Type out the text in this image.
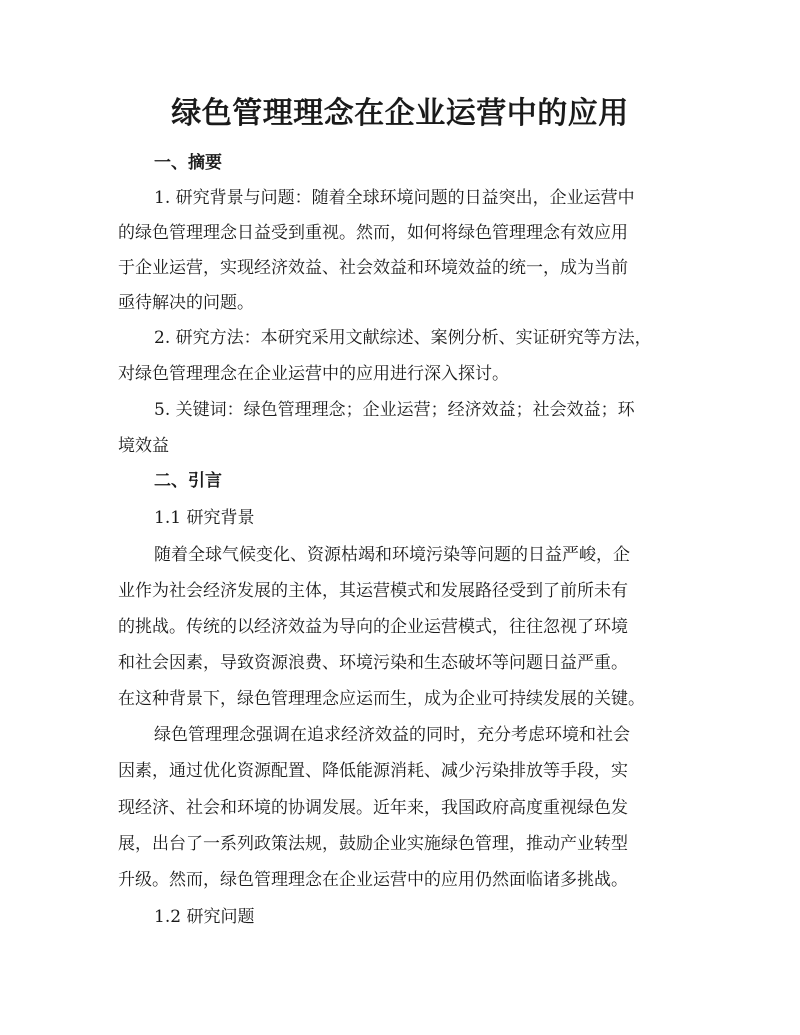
绿色管理理念在企业运营中的应用

一、摘要

1. 研究背景与问题：随着全球环境问题的日益突出，企业运营中

的绿色管理理念日益受到重视。然而，如何将绿色管理理念有效应用

于企业运营，实现经济效益、社会效益和环境效益的统一，成为当前

亟待解决的问题。

2. 研究方法：本研究采用文献综述、案例分析、实证研究等方法，

对绿色管理理念在企业运营中的应用进行深入探讨。

5. 关键词：绿色管理理念；企业运营；经济效益；社会效益；环

境效益

二、引言

1.1 研究背景

随着全球气候变化、资源枯竭和环境污染等问题的日益严峻，企

业作为社会经济发展的主体，其运营模式和发展路径受到了前所未有

的挑战。传统的以经济效益为导向的企业运营模式，往往忽视了环境

和社会因素，导致资源浪费、环境污染和生态破坏等问题日益严重。

在这种背景下，绿色管理理念应运而生，成为企业可持续发展的关键。

绿色管理理念强调在追求经济效益的同时，充分考虑环境和社会

因素，通过优化资源配置、降低能源消耗、减少污染排放等手段，实

现经济、社会和环境的协调发展。近年来，我国政府高度重视绿色发

展，出台了一系列政策法规，鼓励企业实施绿色管理，推动产业转型

升级。然而，绿色管理理念在企业运营中的应用仍然面临诸多挑战。

1.2 研究问题
